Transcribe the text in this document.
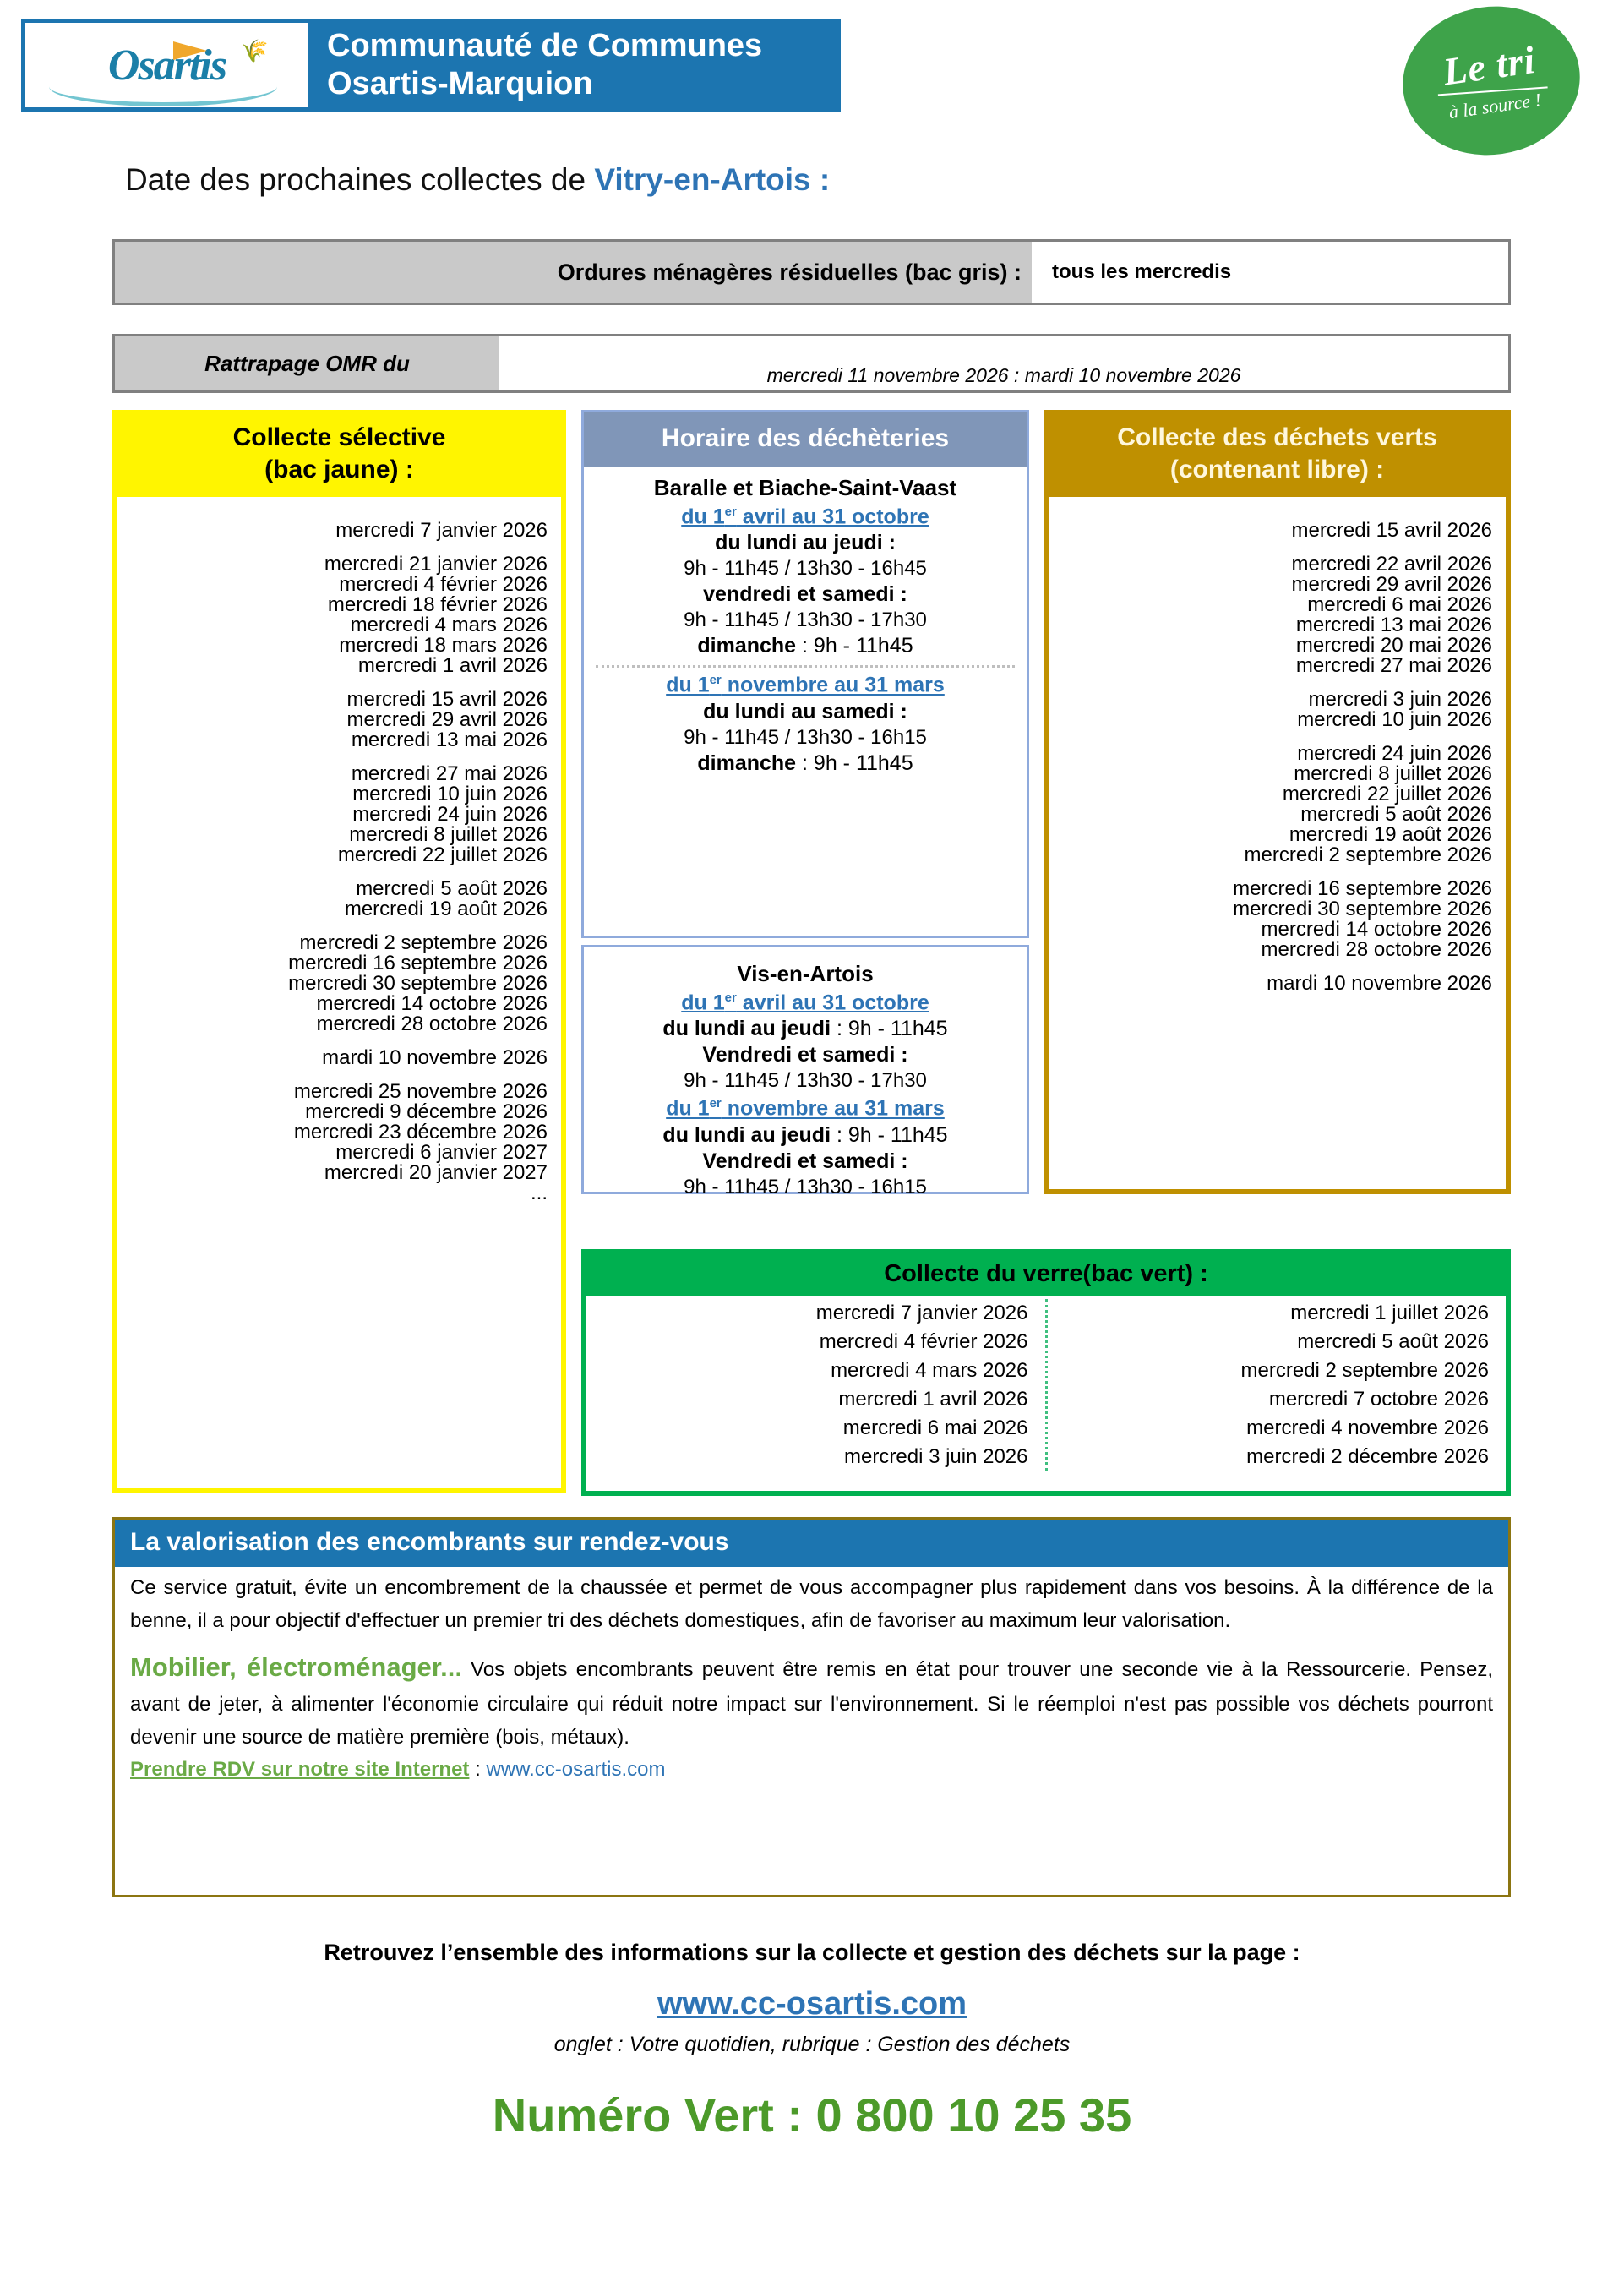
🌾
Osartis	Communauté de Communes
Osartis-Marquion	Le tri
à la source !
Date des prochaines collectes de Vitry-en-Artois :
Ordures ménagères résiduelles (bac gris) :	tous les mercredis
Rattrapage OMR du	mercredi 11 novembre 2026 : mardi 10 novembre 2026
Collecte sélective
(bac jaune) :
mercredi 7 janvier 2026
mercredi 21 janvier 2026
mercredi 4 février 2026
mercredi 18 février 2026
mercredi 4 mars 2026
mercredi 18 mars 2026
mercredi 1 avril 2026
mercredi 15 avril 2026
mercredi 29 avril 2026
mercredi 13 mai 2026
mercredi 27 mai 2026
mercredi 10 juin 2026
mercredi 24 juin 2026
mercredi 8 juillet 2026
mercredi 22 juillet 2026
mercredi 5 août 2026
mercredi 19 août 2026
mercredi 2 septembre 2026
mercredi 16 septembre 2026
mercredi 30 septembre 2026
mercredi 14 octobre 2026
mercredi 28 octobre 2026
mardi 10 novembre 2026
mercredi 25 novembre 2026
mercredi 9 décembre 2026
mercredi 23 décembre 2026
mercredi 6 janvier 2027
mercredi 20 janvier 2027
...
Horaire des déchèteries
Baralle et Biache-Saint-Vaast
du 1er avril au 31 octobre
du lundi au jeudi :
9h - 11h45 / 13h30 - 16h45
vendredi et samedi :
9h - 11h45 / 13h30 - 17h30
dimanche : 9h - 11h45
du 1er novembre au 31 mars
du lundi au samedi :
9h - 11h45 / 13h30 - 16h15
dimanche : 9h - 11h45
Vis-en-Artois
du 1er avril au 31 octobre
du lundi au jeudi : 9h - 11h45
Vendredi et samedi :
9h - 11h45 / 13h30 - 17h30
du 1er novembre au 31 mars
du lundi au jeudi : 9h - 11h45
Vendredi et samedi :
9h - 11h45 / 13h30 - 16h15
Collecte des déchets verts
(contenant libre) :
mercredi 15 avril 2026
mercredi 22 avril 2026
mercredi 29 avril 2026
mercredi 6 mai 2026
mercredi 13 mai 2026
mercredi 20 mai 2026
mercredi 27 mai 2026
mercredi 3 juin 2026
mercredi 10 juin 2026
mercredi 24 juin 2026
mercredi 8 juillet 2026
mercredi 22 juillet 2026
mercredi 5 août 2026
mercredi 19 août 2026
mercredi 2 septembre 2026
mercredi 16 septembre 2026
mercredi 30 septembre 2026
mercredi 14 octobre 2026
mercredi 28 octobre 2026
mardi 10 novembre 2026
Collecte du verre(bac vert) :
mercredi 7 janvier 2026
mercredi 4 février 2026
mercredi 4 mars 2026
mercredi 1 avril 2026
mercredi 6 mai 2026
mercredi 3 juin 2026
mercredi 1 juillet 2026
mercredi 5 août 2026
mercredi 2 septembre 2026
mercredi 7 octobre 2026
mercredi 4 novembre 2026
mercredi 2 décembre 2026
La valorisation des encombrants sur rendez-vous

Ce service gratuit, évite un encombrement de la chaussée et permet de vous accompagner plus rapidement dans vos besoins. À la différence de la benne, il a pour objectif d'effectuer un premier tri des déchets domestiques, afin de favoriser au maximum leur valorisation.

Mobilier, électroménager... Vos objets encombrants peuvent être remis en état pour trouver une seconde vie à la Ressourcerie. Pensez, avant de jeter, à alimenter l'économie circulaire qui réduit notre impact sur l'environnement. Si le réemploi n'est pas possible vos déchets pourront devenir une source de matière première (bois, métaux).

Prendre RDV sur notre site Internet : www.cc-osartis.com
Retrouvez l’ensemble des informations sur la collecte et gestion des déchets sur la page :
www.cc-osartis.com
onglet : Votre quotidien, rubrique : Gestion des déchets
Numéro Vert : 0 800 10 25 35
